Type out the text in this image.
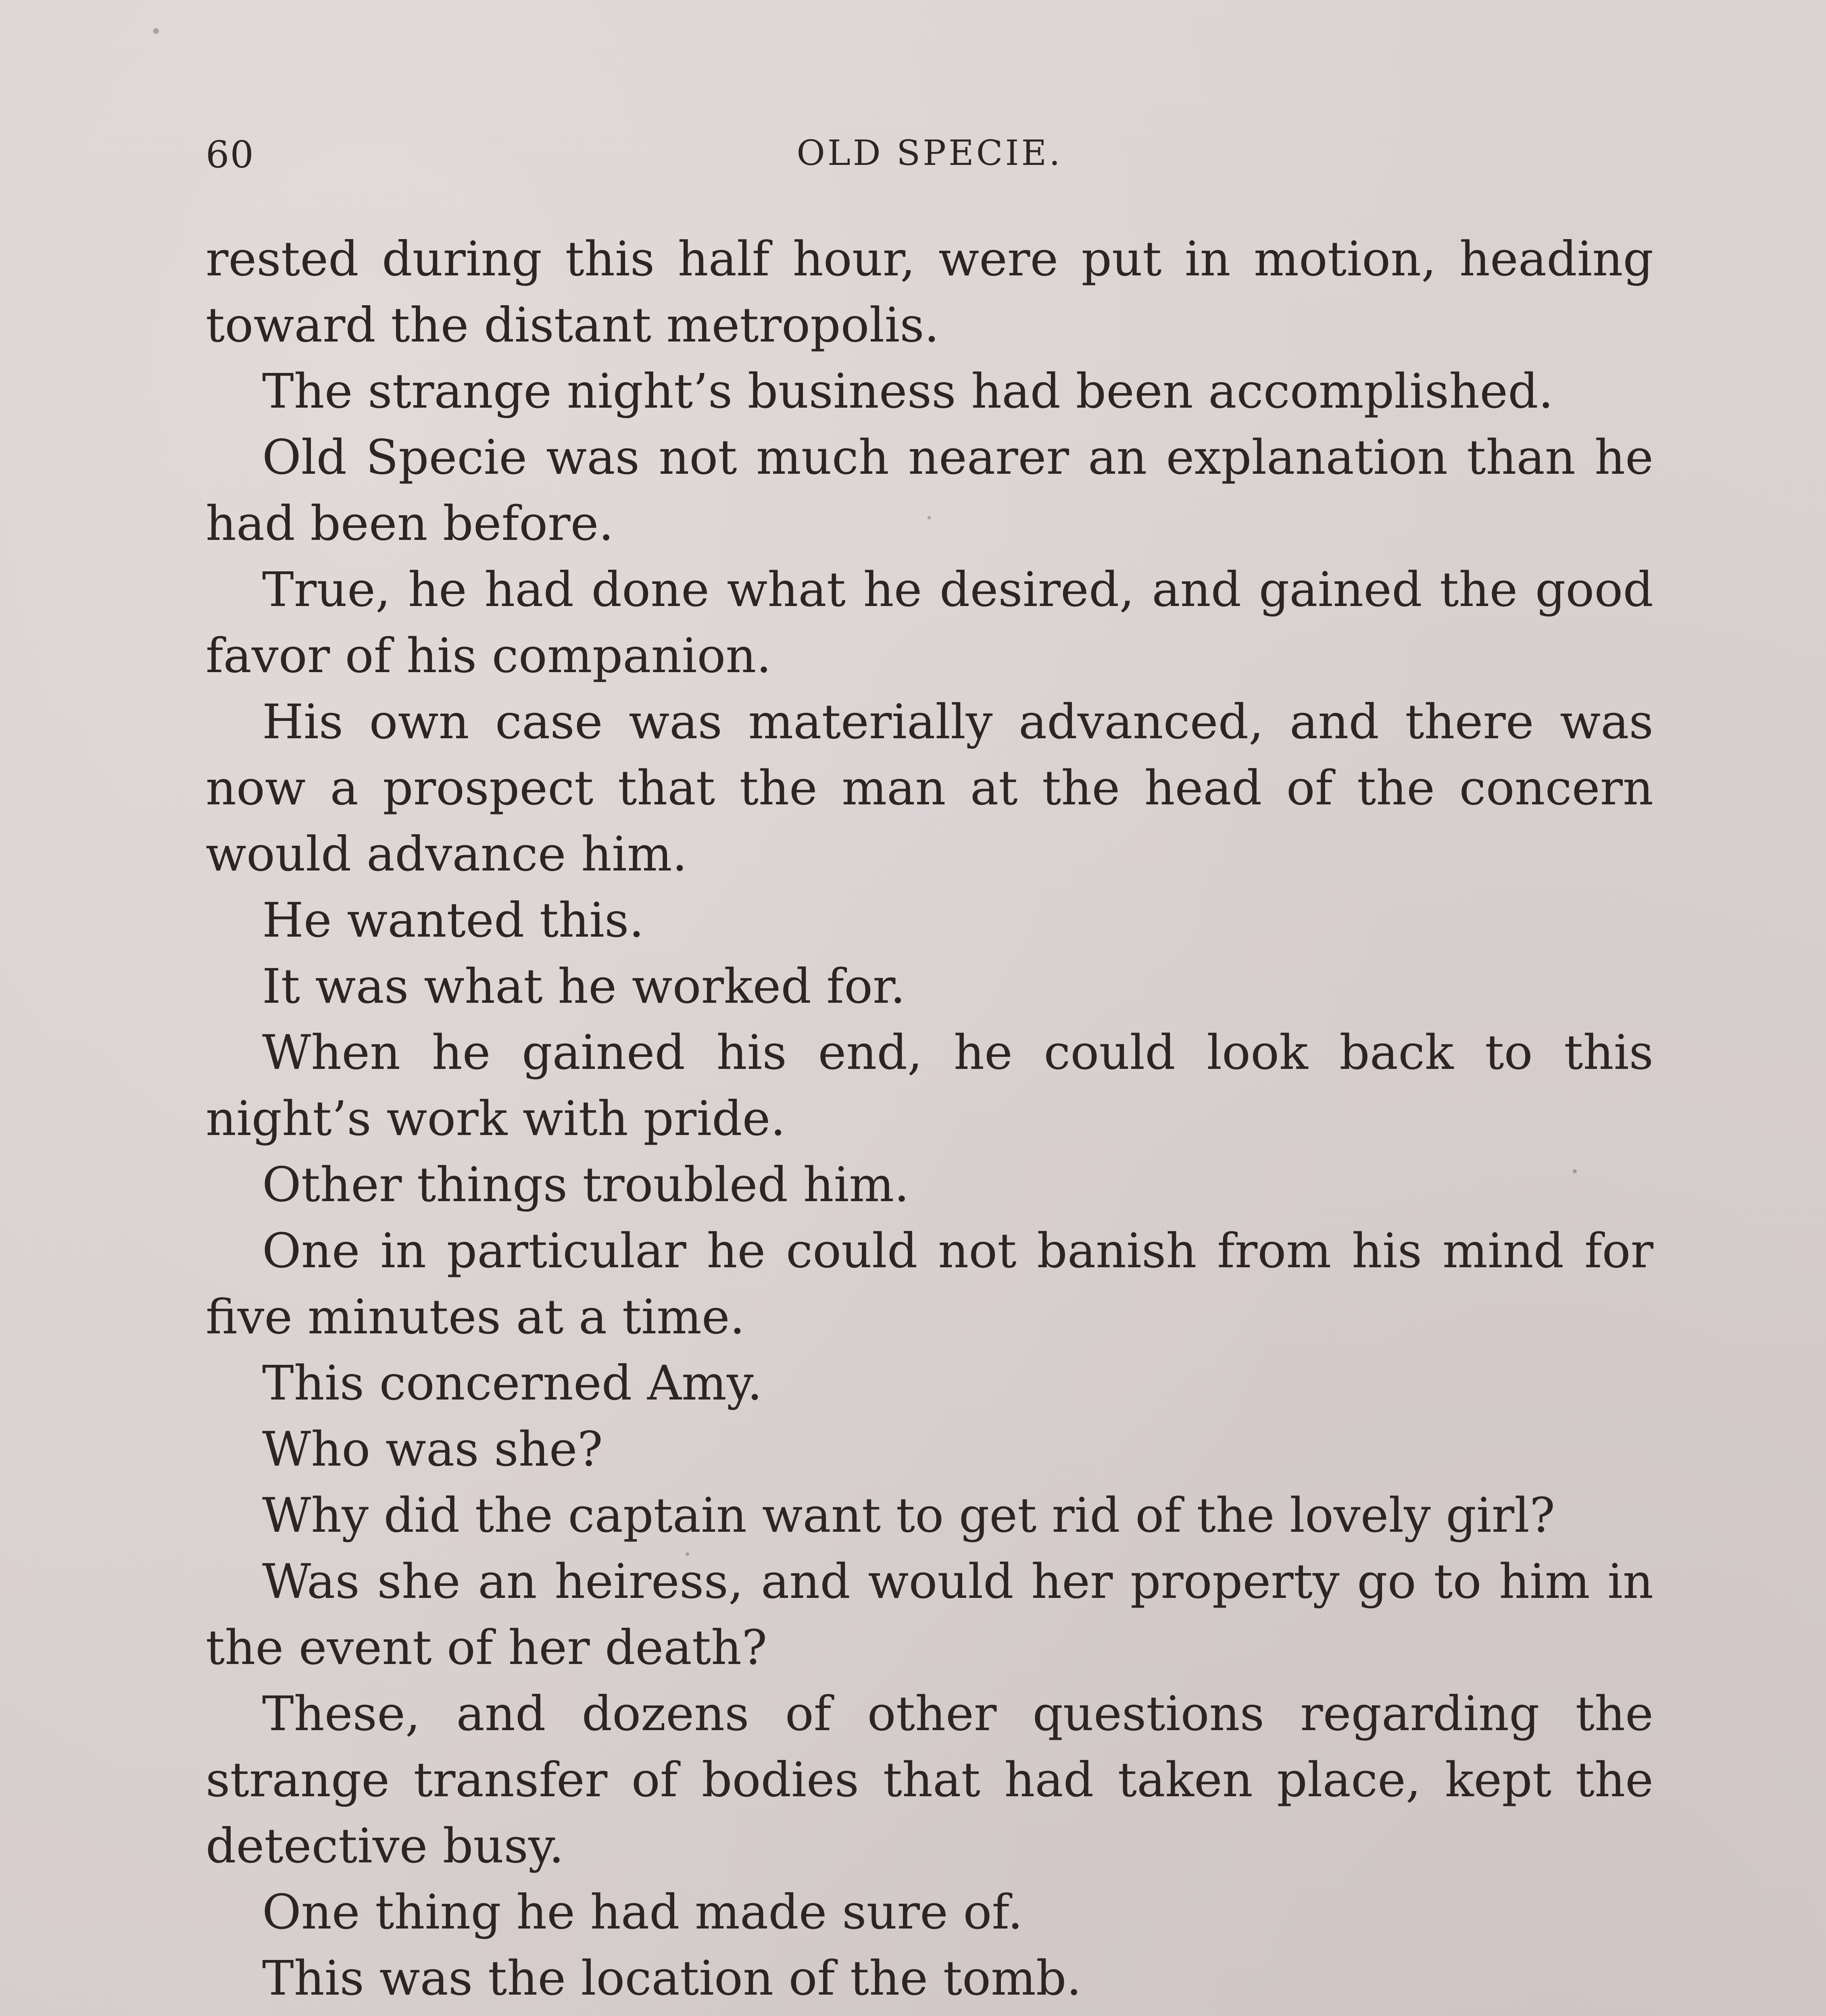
60	OLD SPECIE.

rested during this half hour, were put in motion, heading toward the distant metropolis.

The strange night’s business had been accomplished.

Old Specie was not much nearer an explanation than he had been before.

True, he had done what he desired, and gained the good favor of his companion.

His own case was materially advanced, and there was now a prospect that the man at the head of the concern would advance him.

He wanted this.

It was what he worked for.

When he gained his end, he could look back to this night’s work with pride.

Other things troubled him.

One in particular he could not banish from his mind for five minutes at a time.

This concerned Amy.

Who was she?

Why did the captain want to get rid of the lovely girl?

Was she an heiress, and would her property go to him in the event of her death?

These, and dozens of other questions regarding the strange transfer of bodies that had taken place, kept the detective busy.

One thing he had made sure of.

This was the location of the tomb.
